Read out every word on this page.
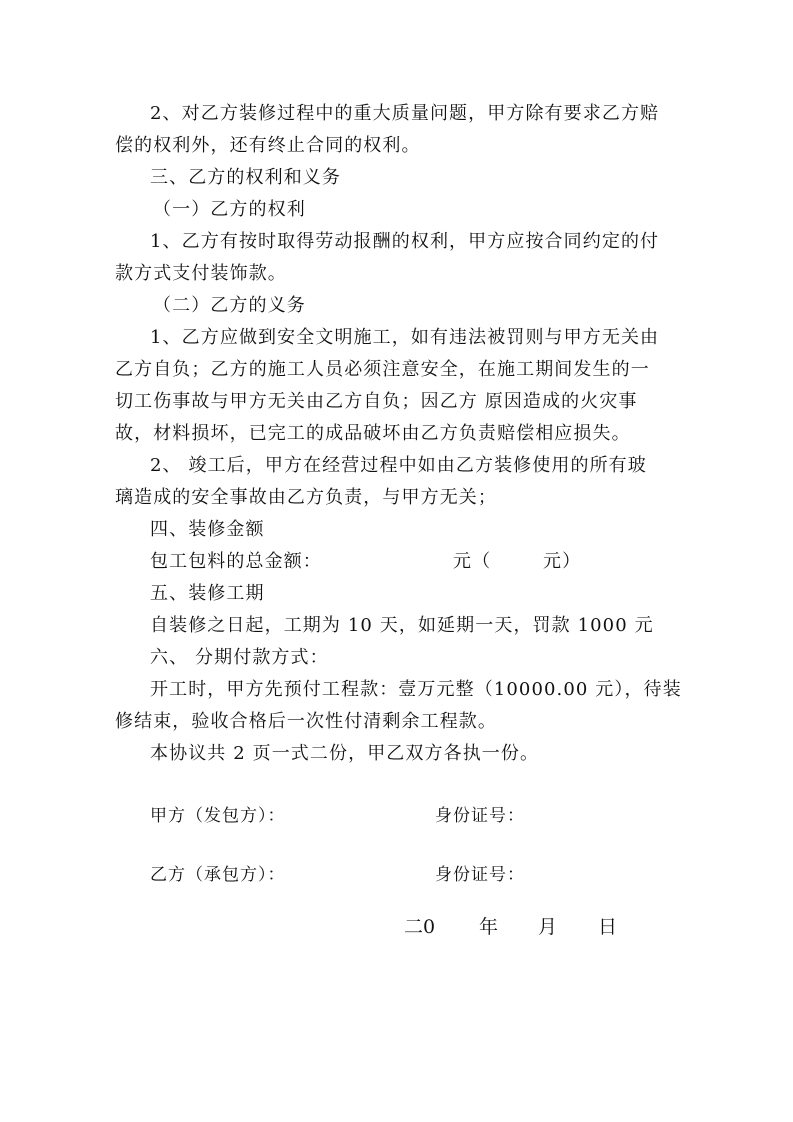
2、对乙方装修过程中的重大质量问题，甲方除有要求乙方赔

偿的权利外，还有终止合同的权利。

三、乙方的权利和义务

（一）乙方的权利

1、乙方有按时取得劳动报酬的权利，甲方应按合同约定的付

款方式支付装饰款。

（二）乙方的义务

1、乙方应做到安全文明施工，如有违法被罚则与甲方无关由

乙方自负；乙方的施工人员必须注意安全，在施工期间发生的一

切工伤事故与甲方无关由乙方自负；因乙方 原因造成的火灾事

故，材料损坏，已完工的成品破坏由乙方负责赔偿相应损失。

2、 竣工后，甲方在经营过程中如由乙方装修使用的所有玻

璃造成的安全事故由乙方负责，与甲方无关；

四、装修金额

包工包料的总金额：	元（	元）

五、装修工期

自装修之日起，工期为 10 天，如延期一天，罚款 1000 元

六、 分期付款方式：

开工时，甲方先预付工程款：壹万元整（10000.00 元），待装

修结束，验收合格后一次性付清剩余工程款。

本协议共 2 页一式二份，甲乙双方各执一份。

甲方（发包方）：	身份证号：
乙方（承包方）：	身份证号：
二0 年 月 日
